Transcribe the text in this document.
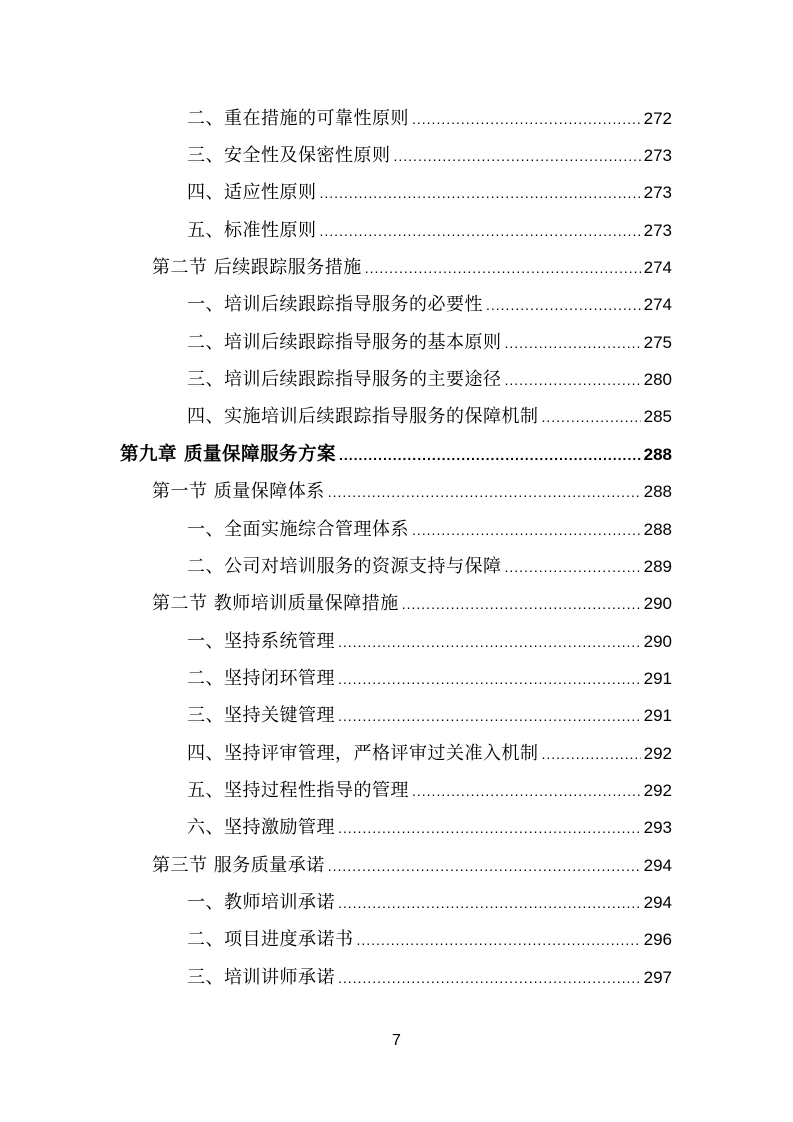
二、重在措施的可靠性原则 .....	272
三、安全性及保密性原则 .....	273
四、适应性原则 .....	273
五、标准性原则 .....	273
第二节 后续跟踪服务措施 .....	274
一、培训后续跟踪指导服务的必要性 .....	274
二、培训后续跟踪指导服务的基本原则 .....	275
三、培训后续跟踪指导服务的主要途径 .....	280
四、实施培训后续跟踪指导服务的保障机制 .....	285
第九章 质量保障服务方案 .....	288
第一节 质量保障体系 .....	288
一、全面实施综合管理体系 .....	288
二、公司对培训服务的资源支持与保障 .....	289
第二节 教师培训质量保障措施 .....	290
一、坚持系统管理 .....	290
二、坚持闭环管理 .....	291
三、坚持关键管理 .....	291
四、坚持评审管理，严格评审过关准入机制 .....	292
五、坚持过程性指导的管理 .....	292
六、坚持激励管理 .....	293
第三节 服务质量承诺 .....	294
一、教师培训承诺 .....	294
二、项目进度承诺书 .....	296
三、培训讲师承诺 .....	297
7
